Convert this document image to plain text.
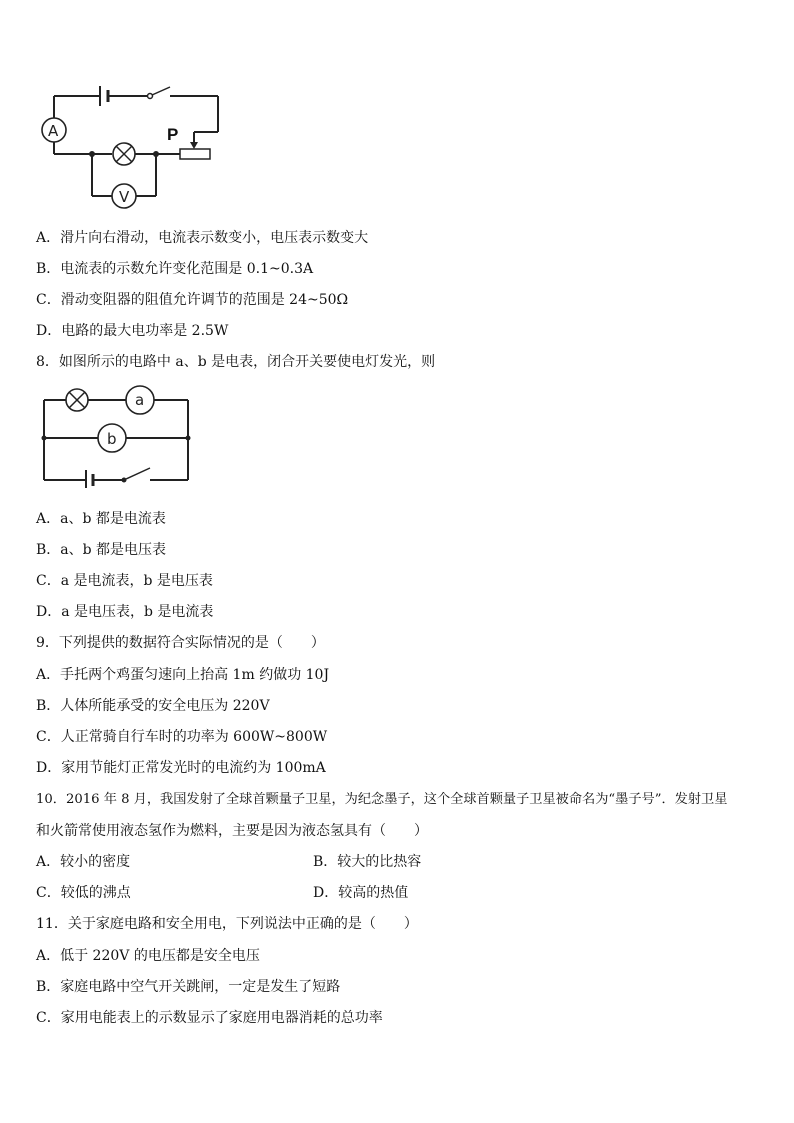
P
A
V
A．滑片向右滑动，电流表示数变小，电压表示数变大
B．电流表的示数允许变化范围是 0.1~0.3A
C．滑动变阻器的阻值允许调节的范围是 24~50Ω
D．电路的最大电功率是 2.5W
8．如图所示的电路中 a、b 是电表，闭合开关要使电灯发光，则
a
b
A．a、b 都是电流表
B．a、b 都是电压表
C．a 是电流表，b 是电压表
D．a 是电压表，b 是电流表
9．下列提供的数据符合实际情况的是（　　）
A．手托两个鸡蛋匀速向上抬高 1m 约做功 10J
B．人体所能承受的安全电压为 220V
C．人正常骑自行车时的功率为 600W~800W
D．家用节能灯正常发光时的电流约为 100mA
10．2016 年 8 月，我国发射了全球首颗量子卫星，为纪念墨子，这个全球首颗量子卫星被命名为“墨子号”．发射卫星
和火箭常使用液态氢作为燃料，主要是因为液态氢具有（　　）
A．较小的密度	B．较大的比热容
C．较低的沸点	D．较高的热值
11．关于家庭电路和安全用电，下列说法中正确的是（　　）
A．低于 220V 的电压都是安全电压
B．家庭电路中空气开关跳闸，一定是发生了短路
C．家用电能表上的示数显示了家庭用电器消耗的总功率
